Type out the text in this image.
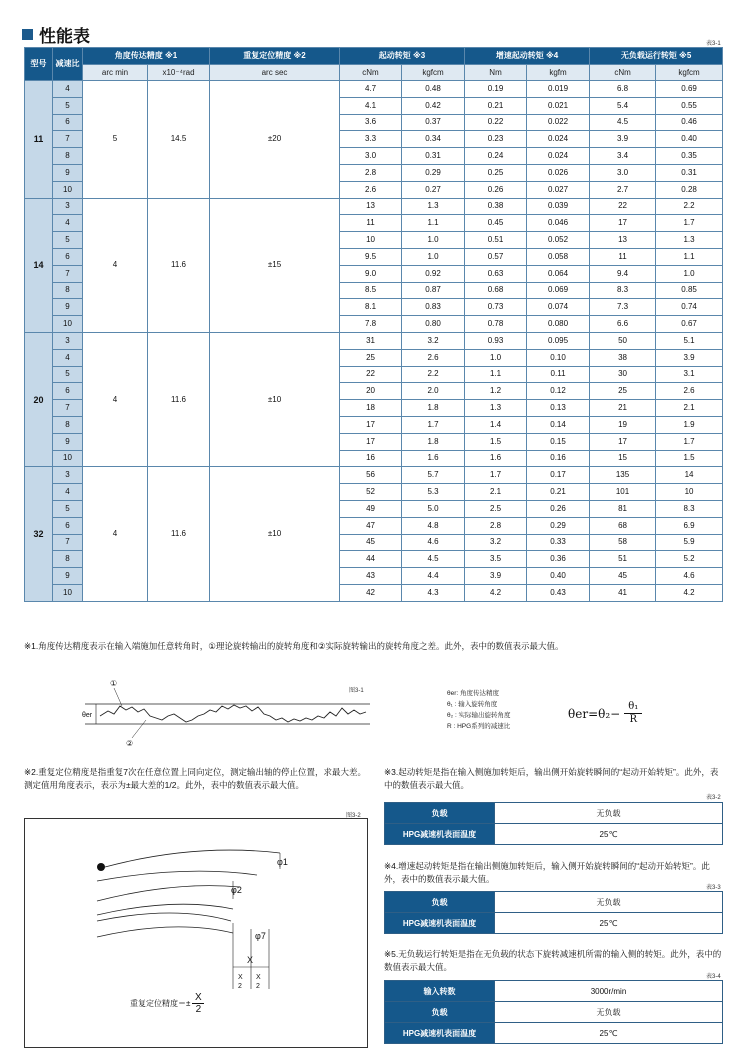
性能表	表3-1
型号	减速比	角度传达精度 ※1		重复定位精度 ※2	起动转矩 ※3		增速起动转矩 ※4		无负载运行转矩 ※5	
		arc min	x10⁻⁴rad	arc sec	cNm	kgfcm	Nm	kgfm	cNm	kgfcm
11	4	5	14.5	±20	4.7	0.48	0.19	0.019	6.8	0.69
	5				4.1	0.42	0.21	0.021	5.4	0.55
	6				3.6	0.37	0.22	0.022	4.5	0.46
	7				3.3	0.34	0.23	0.024	3.9	0.40
	8				3.0	0.31	0.24	0.024	3.4	0.35
	9				2.8	0.29	0.25	0.026	3.0	0.31
	10				2.6	0.27	0.26	0.027	2.7	0.28
14	3	4	11.6	±15	13	1.3	0.38	0.039	22	2.2
	4				11	1.1	0.45	0.046	17	1.7
	5				10	1.0	0.51	0.052	13	1.3
	6				9.5	1.0	0.57	0.058	11	1.1
	7				9.0	0.92	0.63	0.064	9.4	1.0
	8				8.5	0.87	0.68	0.069	8.3	0.85
	9				8.1	0.83	0.73	0.074	7.3	0.74
	10				7.8	0.80	0.78	0.080	6.6	0.67
20	3	4	11.6	±10	31	3.2	0.93	0.095	50	5.1
	4				25	2.6	1.0	0.10	38	3.9
	5				22	2.2	1.1	0.11	30	3.1
	6				20	2.0	1.2	0.12	25	2.6
	7				18	1.8	1.3	0.13	21	2.1
	8				17	1.7	1.4	0.14	19	1.9
	9				17	1.8	1.5	0.15	17	1.7
	10				16	1.6	1.6	0.16	15	1.5
32	3	4	11.6	±10	56	5.7	1.7	0.17	135	14
	4				52	5.3	2.1	0.21	101	10
	5				49	5.0	2.5	0.26	81	8.3
	6				47	4.8	2.8	0.29	68	6.9
	7				45	4.6	3.2	0.33	58	5.9
	8				44	4.5	3.5	0.36	51	5.2
	9				43	4.4	3.9	0.40	45	4.6
	10				42	4.3	4.2	0.43	41	4.2
※1.角度传达精度表示在输入端施加任意转角时，①理论旋转输出的旋转角度和②实际旋转输出的旋转角度之差。此外，表中的数值表示最大值。
θer
①
②
图3-1	θer: 角度传达精度
θ₁ : 输入旋转角度
θ₂ : 实际输出旋转角度
R : HPG系列的减速比
θer=θ₂− θ₁
R
※2.重复定位精度是指重复7次在任意位置上同向定位，测定输出轴的停止位置，求最大差。测定值用角度表示，表示为±最大差的1/2。此外，表中的数值表示最大值。
图3-2
φ1
φ2
φ7
X
X
2
X
2
重复定位精度＝±
X
2
※3.起动转矩是指在输入侧施加转矩后，输出侧开始旋转瞬间的“起动开始转矩”。此外，表中的数值表示最大值。
表3-2
负载	无负载
HPG减速机表面温度	25℃
※4.增速起动转矩是指在输出侧施加转矩后，输入侧开始旋转瞬间的“起动开始转矩”。此外，表中的数值表示最大值。
表3-3
负载	无负载
HPG减速机表面温度	25℃
※5.无负载运行转矩是指在无负载的状态下旋转减速机所需的输入侧的转矩。此外，表中的数值表示最大值。
表3-4
输入转数	3000r/min
负载	无负载
HPG减速机表面温度	25℃
